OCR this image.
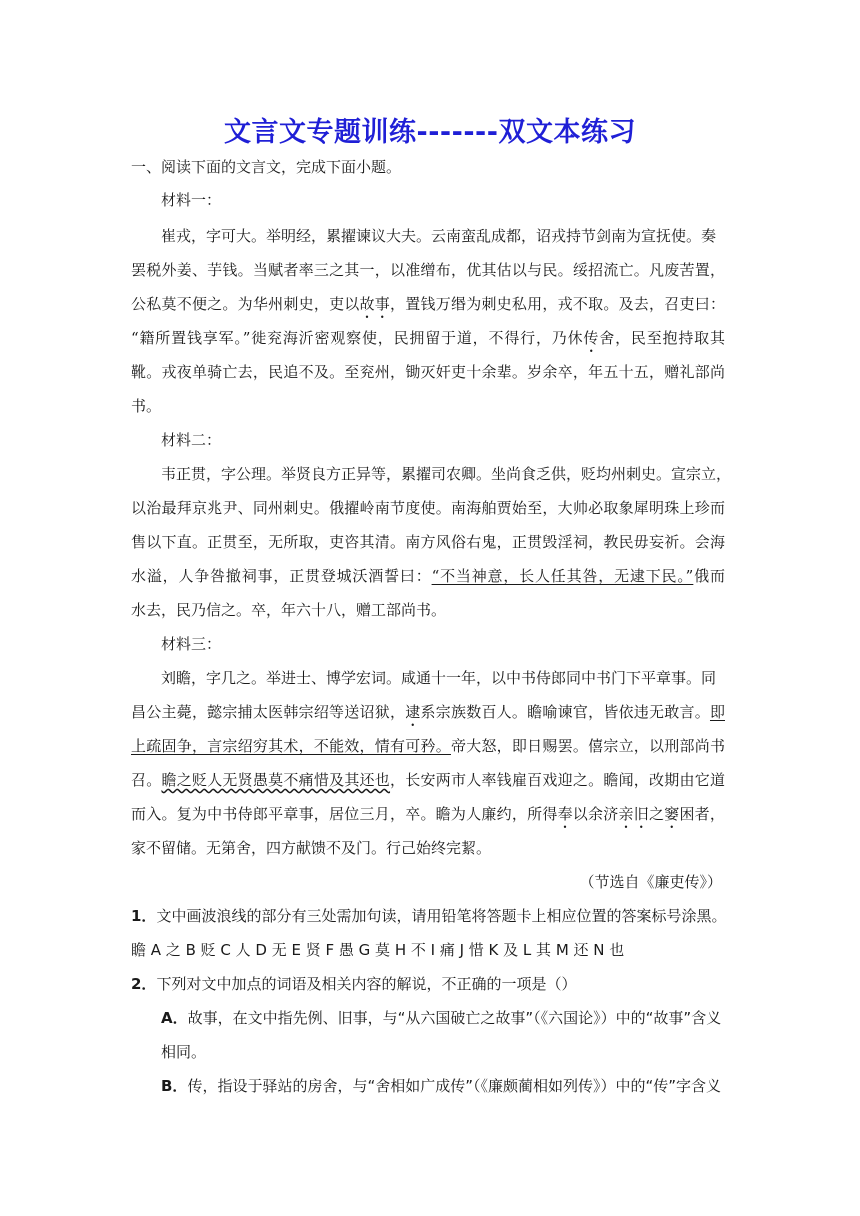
文言文专题训练-------双文本练习
一、阅读下面的文言文，完成下面小题。
材料一：
崔戎，字可大。举明经，累擢谏议大夫。云南蛮乱成都，诏戎持节剑南为宣抚使。奏
罢税外姜、芋钱。当赋者率三之其一，以准缯布，优其估以与民。绥招流亡。凡废苦置，
公私莫不便之。为华州刺史，吏以故事，置钱万缗为刺史私用，戎不取。及去，召吏曰：
“籍所置钱享军。”徙兖海沂密观察使，民拥留于道，不得行，乃休传舍，民至抱持取其
靴。戎夜单骑亡去，民追不及。至兖州，锄灭奸吏十余辈。岁余卒，年五十五，赠礼部尚
书。
材料二：
韦正贯，字公理。举贤良方正异等，累擢司农卿。坐尚食乏供，贬均州刺史。宣宗立，
以治最拜京兆尹、同州刺史。俄擢岭南节度使。南海舶贾始至，大帅必取象犀明珠上珍而
售以下直。正贯至，无所取，吏咨其清。南方风俗右鬼，正贯毁淫祠，教民毋妄祈。会海
水溢，人争咎撤祠事，正贯登城沃酒誓曰：“不当神意，长人任其咎，无逮下民。”俄而
水去，民乃信之。卒，年六十八，赠工部尚书。
材料三：
刘瞻，字几之。举进士、博学宏词。咸通十一年，以中书侍郎同中书门下平章事。同
昌公主薨，懿宗捕太医韩宗绍等送诏狱，逮系宗族数百人。瞻喻谏官，皆依违无敢言。即
上疏固争，言宗绍穷其术，不能效，情有可矜。帝大怒，即日赐罢。僖宗立，以刑部尚书
召。瞻之贬人无贤愚莫不痛惜及其还也，长安两市人率钱雇百戏迎之。瞻闻，改期由它道
而入。复为中书侍郎平章事，居位三月，卒。瞻为人廉约，所得奉以余济亲旧之窭困者，
家不留储。无第舍，四方献馈不及门。行己始终完絜。
（节选自《廉吏传》）
1．文中画波浪线的部分有三处需加句读，请用铅笔将答题卡上相应位置的答案标号涂黑。
瞻 A 之 B 贬 C 人 D 无 E 贤 F 愚 G 莫 H 不 I 痛 J 惜 K 及 L 其 M 还 N 也
2．下列对文中加点的词语及相关内容的解说，不正确的一项是（）
A．故事，在文中指先例、旧事，与“从六国破亡之故事”（《六国论》）中的“故事”含义
相同。
B．传，指设于驿站的房舍，与“舍相如广成传”（《廉颇蔺相如列传》）中的“传”字含义
